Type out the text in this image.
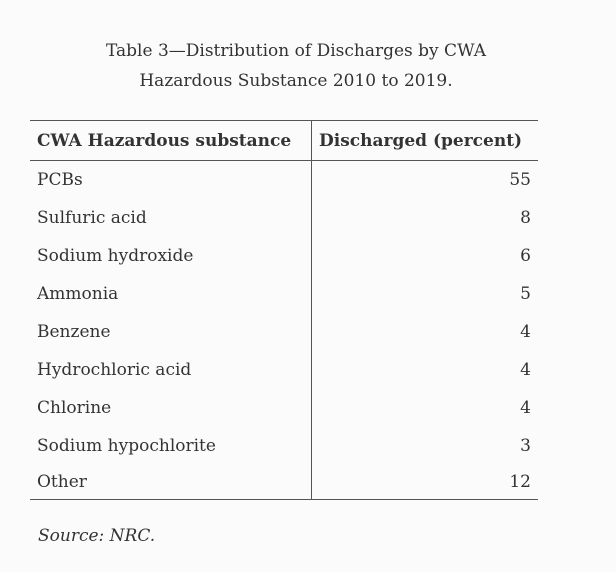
Table 3—Distribution of Discharges by CWA
Hazardous Substance 2010 to 2019.
CWA Hazardous substance	Discharged (percent)
PCBs	55
Sulfuric acid	8
Sodium hydroxide	6
Ammonia	5
Benzene	4
Hydrochloric acid	4
Chlorine	4
Sodium hypochlorite	3
Other	12
Source: NRC.
